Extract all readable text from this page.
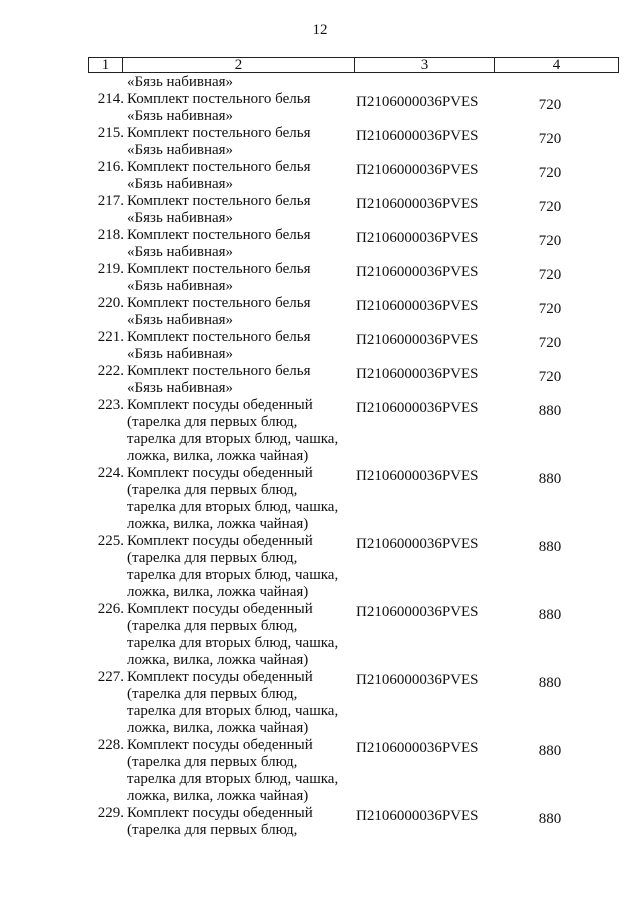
12
1	2	3	4
«Бязь набивная»
214. Комплект постельного белья
«Бязь набивная»
П2106000036PVES	720
215. Комплект постельного белья
«Бязь набивная»
П2106000036PVES	720
216. Комплект постельного белья
«Бязь набивная»
П2106000036PVES	720
217. Комплект постельного белья
«Бязь набивная»
П2106000036PVES	720
218. Комплект постельного белья
«Бязь набивная»
П2106000036PVES	720
219. Комплект постельного белья
«Бязь набивная»
П2106000036PVES	720
220. Комплект постельного белья
«Бязь набивная»
П2106000036PVES	720
221. Комплект постельного белья
«Бязь набивная»
П2106000036PVES	720
222. Комплект постельного белья
«Бязь набивная»
П2106000036PVES	720
223. Комплект посуды обеденный
(тарелка для первых блюд,
тарелка для вторых блюд, чашка,
ложка, вилка, ложка чайная)
П2106000036PVES	880
224. Комплект посуды обеденный
(тарелка для первых блюд,
тарелка для вторых блюд, чашка,
ложка, вилка, ложка чайная)
П2106000036PVES	880
225. Комплект посуды обеденный
(тарелка для первых блюд,
тарелка для вторых блюд, чашка,
ложка, вилка, ложка чайная)
П2106000036PVES	880
226. Комплект посуды обеденный
(тарелка для первых блюд,
тарелка для вторых блюд, чашка,
ложка, вилка, ложка чайная)
П2106000036PVES	880
227. Комплект посуды обеденный
(тарелка для первых блюд,
тарелка для вторых блюд, чашка,
ложка, вилка, ложка чайная)
П2106000036PVES	880
228. Комплект посуды обеденный
(тарелка для первых блюд,
тарелка для вторых блюд, чашка,
ложка, вилка, ложка чайная)
П2106000036PVES	880
229. Комплект посуды обеденный
(тарелка для первых блюд,
П2106000036PVES	880
